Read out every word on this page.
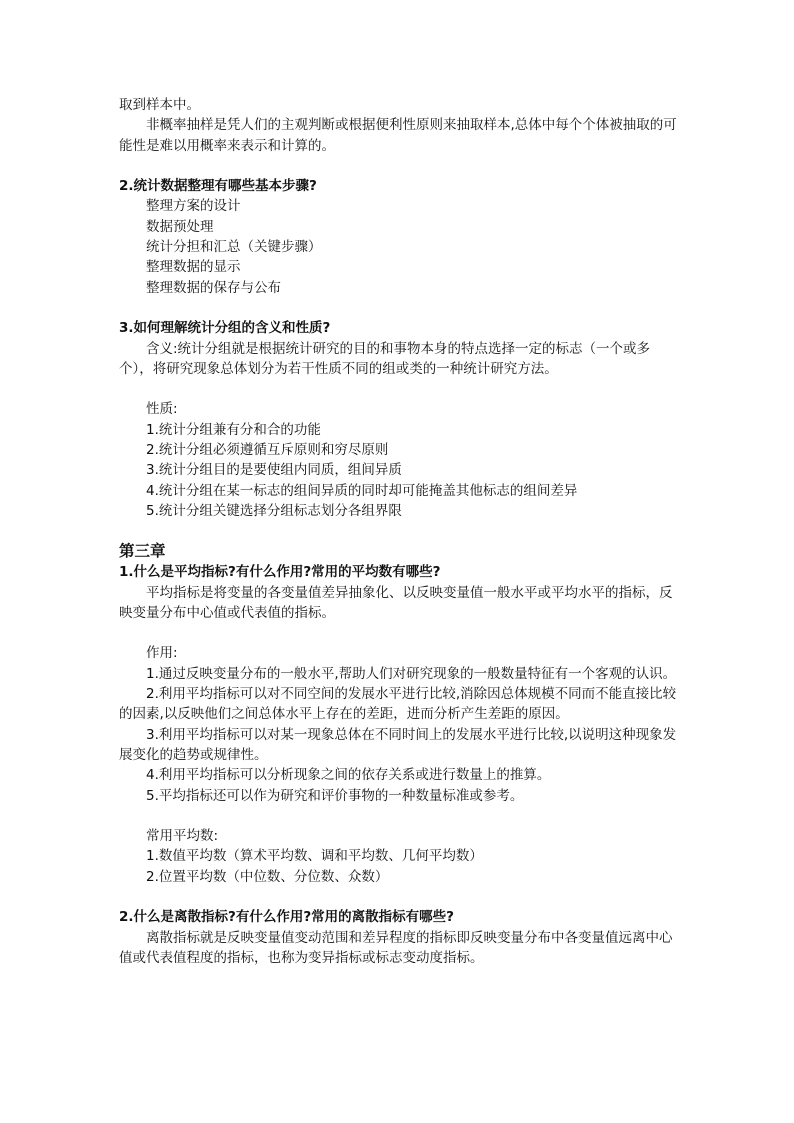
取到样本中。

非概率抽样是凭人们的主观判断或根据便利性原则来抽取样本,总体中每个个体被抽取的可能性是难以用概率来表示和计算的。

2.统计数据整理有哪些基本步骤?

整理方案的设计

数据预处理

统计分担和汇总（关键步骤）

整理数据的显示

整理数据的保存与公布

3.如何理解统计分组的含义和性质?

含义:统计分组就是根据统计研究的目的和事物本身的特点选择一定的标志（一个或多个），将研究现象总体划分为若干性质不同的组或类的一种统计研究方法。

性质:

1.统计分组兼有分和合的功能

2.统计分组必须遵循互斥原则和穷尽原则

3.统计分组目的是要使组内同质，组间异质

4.统计分组在某一标志的组间异质的同时却可能掩盖其他标志的组间差异

5.统计分组关键选择分组标志划分各组界限

第三章

1.什么是平均指标?有什么作用?常用的平均数有哪些?

平均指标是将变量的各变量值差异抽象化、以反映变量值一般水平或平均水平的指标，反映变量分布中心值或代表值的指标。

作用:

1.通过反映变量分布的一般水平,帮助人们对研究现象的一般数量特征有一个客观的认识。

2.利用平均指标可以对不同空间的发展水平进行比较,消除因总体规模不同而不能直接比较的因素,以反映他们之间总体水平上存在的差距，进而分析产生差距的原因。

3.利用平均指标可以对某一现象总体在不同时间上的发展水平进行比较,以说明这种现象发展变化的趋势或规律性。

4.利用平均指标可以分析现象之间的依存关系或进行数量上的推算。

5.平均指标还可以作为研究和评价事物的一种数量标准或参考。

常用平均数:

1.数值平均数（算术平均数、调和平均数、几何平均数）

2.位置平均数（中位数、分位数、众数）

2.什么是离散指标?有什么作用?常用的离散指标有哪些?

离散指标就是反映变量值变动范围和差异程度的指标即反映变量分布中各变量值远离中心值或代表值程度的指标，也称为变异指标或标志变动度指标。
